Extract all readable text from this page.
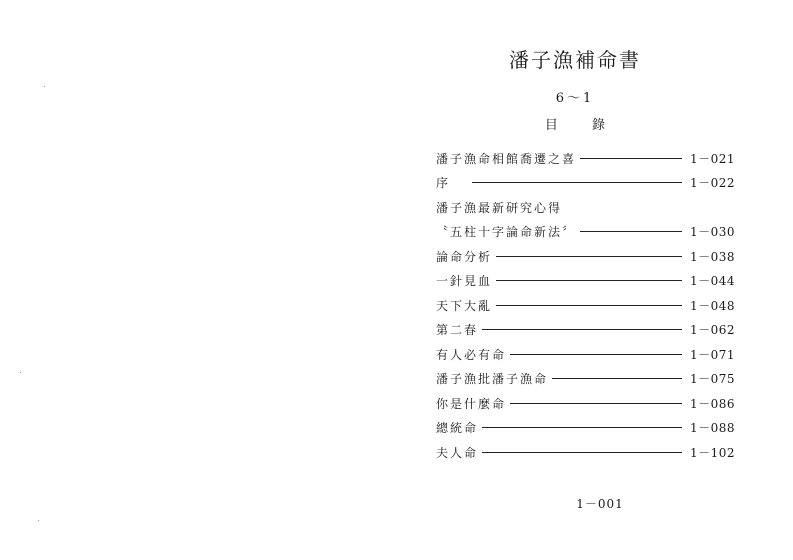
潘子漁補命書
6～1
目 錄
潘子漁命相館喬遷之喜	1－021
序	1－022
潘子漁最新研究心得
〝五柱十字論命新法〞	1－030
論命分析	1－038
一針見血	1－044
天下大亂	1－048
第二春	1－062
有人必有命	1－071
潘子漁批潘子漁命	1－075
你是什麼命	1－086
總統命	1－088
夫人命	1－102
1－001
